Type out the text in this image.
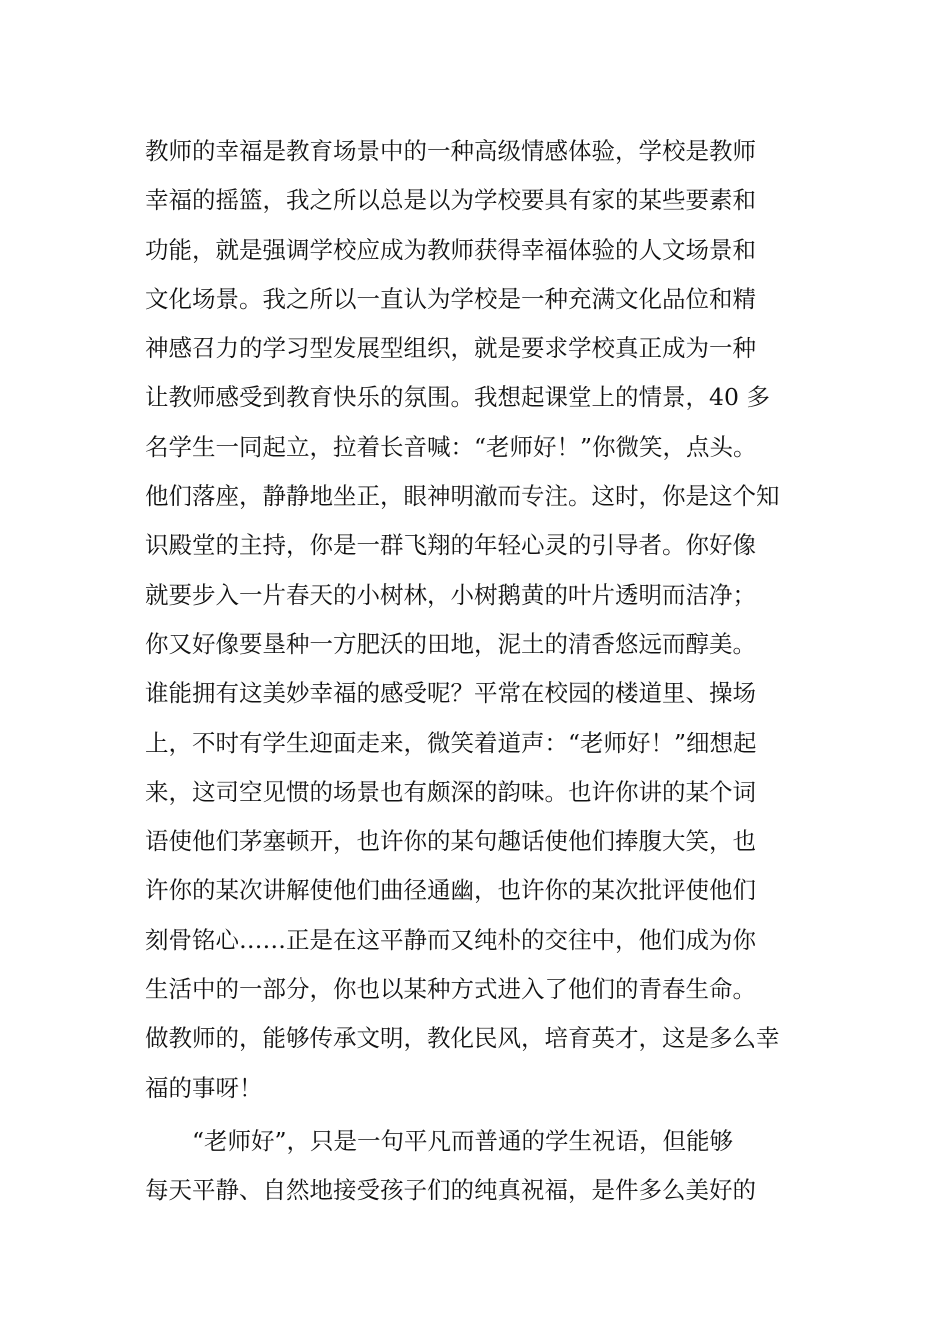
教师的幸福是教育场景中的一种高级情感体验，学校是教师
幸福的摇篮，我之所以总是以为学校要具有家的某些要素和
功能，就是强调学校应成为教师获得幸福体验的人文场景和
文化场景。我之所以一直认为学校是一种充满文化品位和精
神感召力的学习型发展型组织，就是要求学校真正成为一种
让教师感受到教育快乐的氛围。我想起课堂上的情景，40 多
名学生一同起立，拉着长音喊：“老师好！”你微笑，点头。
他们落座，静静地坐正，眼神明澈而专注。这时，你是这个知
识殿堂的主持，你是一群飞翔的年轻心灵的引导者。你好像
就要步入一片春天的小树林，小树鹅黄的叶片透明而洁净；
你又好像要垦种一方肥沃的田地，泥土的清香悠远而醇美。
谁能拥有这美妙幸福的感受呢？平常在校园的楼道里、操场
上，不时有学生迎面走来，微笑着道声：“老师好！”细想起
来，这司空见惯的场景也有颇深的韵味。也许你讲的某个词
语使他们茅塞顿开，也许你的某句趣话使他们捧腹大笑，也
许你的某次讲解使他们曲径通幽，也许你的某次批评使他们
刻骨铭心……正是在这平静而又纯朴的交往中，他们成为你
生活中的一部分，你也以某种方式进入了他们的青春生命。
做教师的，能够传承文明，教化民风，培育英才，这是多么幸
福的事呀！
　　“老师好”，只是一句平凡而普通的学生祝语，但能够
每天平静、自然地接受孩子们的纯真祝福，是件多么美好的
